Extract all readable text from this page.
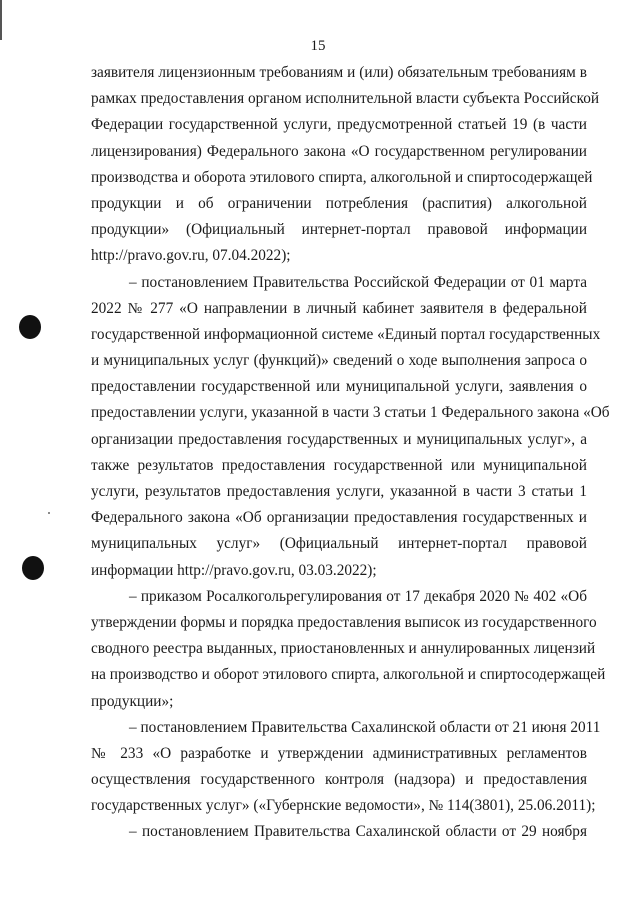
15

заявителя лицензионным требованиям и (или) обязательным требованиям в
рамках предоставления органом исполнительной власти субъекта Российской
Федерации государственной услуги, предусмотренной статьей 19 (в части
лицензирования) Федерального закона «О государственном регулировании
производства и оборота этилового спирта, алкогольной и спиртосодержащей
продукции и об ограничении потребления (распития) алкогольной
продукции» (Официальный интернет-портал правовой информации
http://pravo.gov.ru, 07.04.2022);
– постановлением Правительства Российской Федерации от 01 марта
2022 № 277 «О направлении в личный кабинет заявителя в федеральной
государственной информационной системе «Единый портал государственных
и муниципальных услуг (функций)» сведений о ходе выполнения запроса о
предоставлении государственной или муниципальной услуги, заявления о
предоставлении услуги, указанной в части 3 статьи 1 Федерального закона «Об
организации предоставления государственных и муниципальных услуг», а
также результатов предоставления государственной или муниципальной
услуги, результатов предоставления услуги, указанной в части 3 статьи 1
Федерального закона «Об организации предоставления государственных и
муниципальных услуг» (Официальный интернет-портал правовой
информации http://pravo.gov.ru, 03.03.2022);
– приказом Росалкогольрегулирования от 17 декабря 2020 № 402 «Об
утверждении формы и порядка предоставления выписок из государственного
сводного реестра выданных, приостановленных и аннулированных лицензий
на производство и оборот этилового спирта, алкогольной и спиртосодержащей
продукции»;
– постановлением Правительства Сахалинской области от 21 июня 2011
№ 233 «О разработке и утверждении административных регламентов
осуществления государственного контроля (надзора) и предоставления
государственных услуг» («Губернские ведомости», № 114(3801), 25.06.2011);
– постановлением Правительства Сахалинской области от 29 ноября
